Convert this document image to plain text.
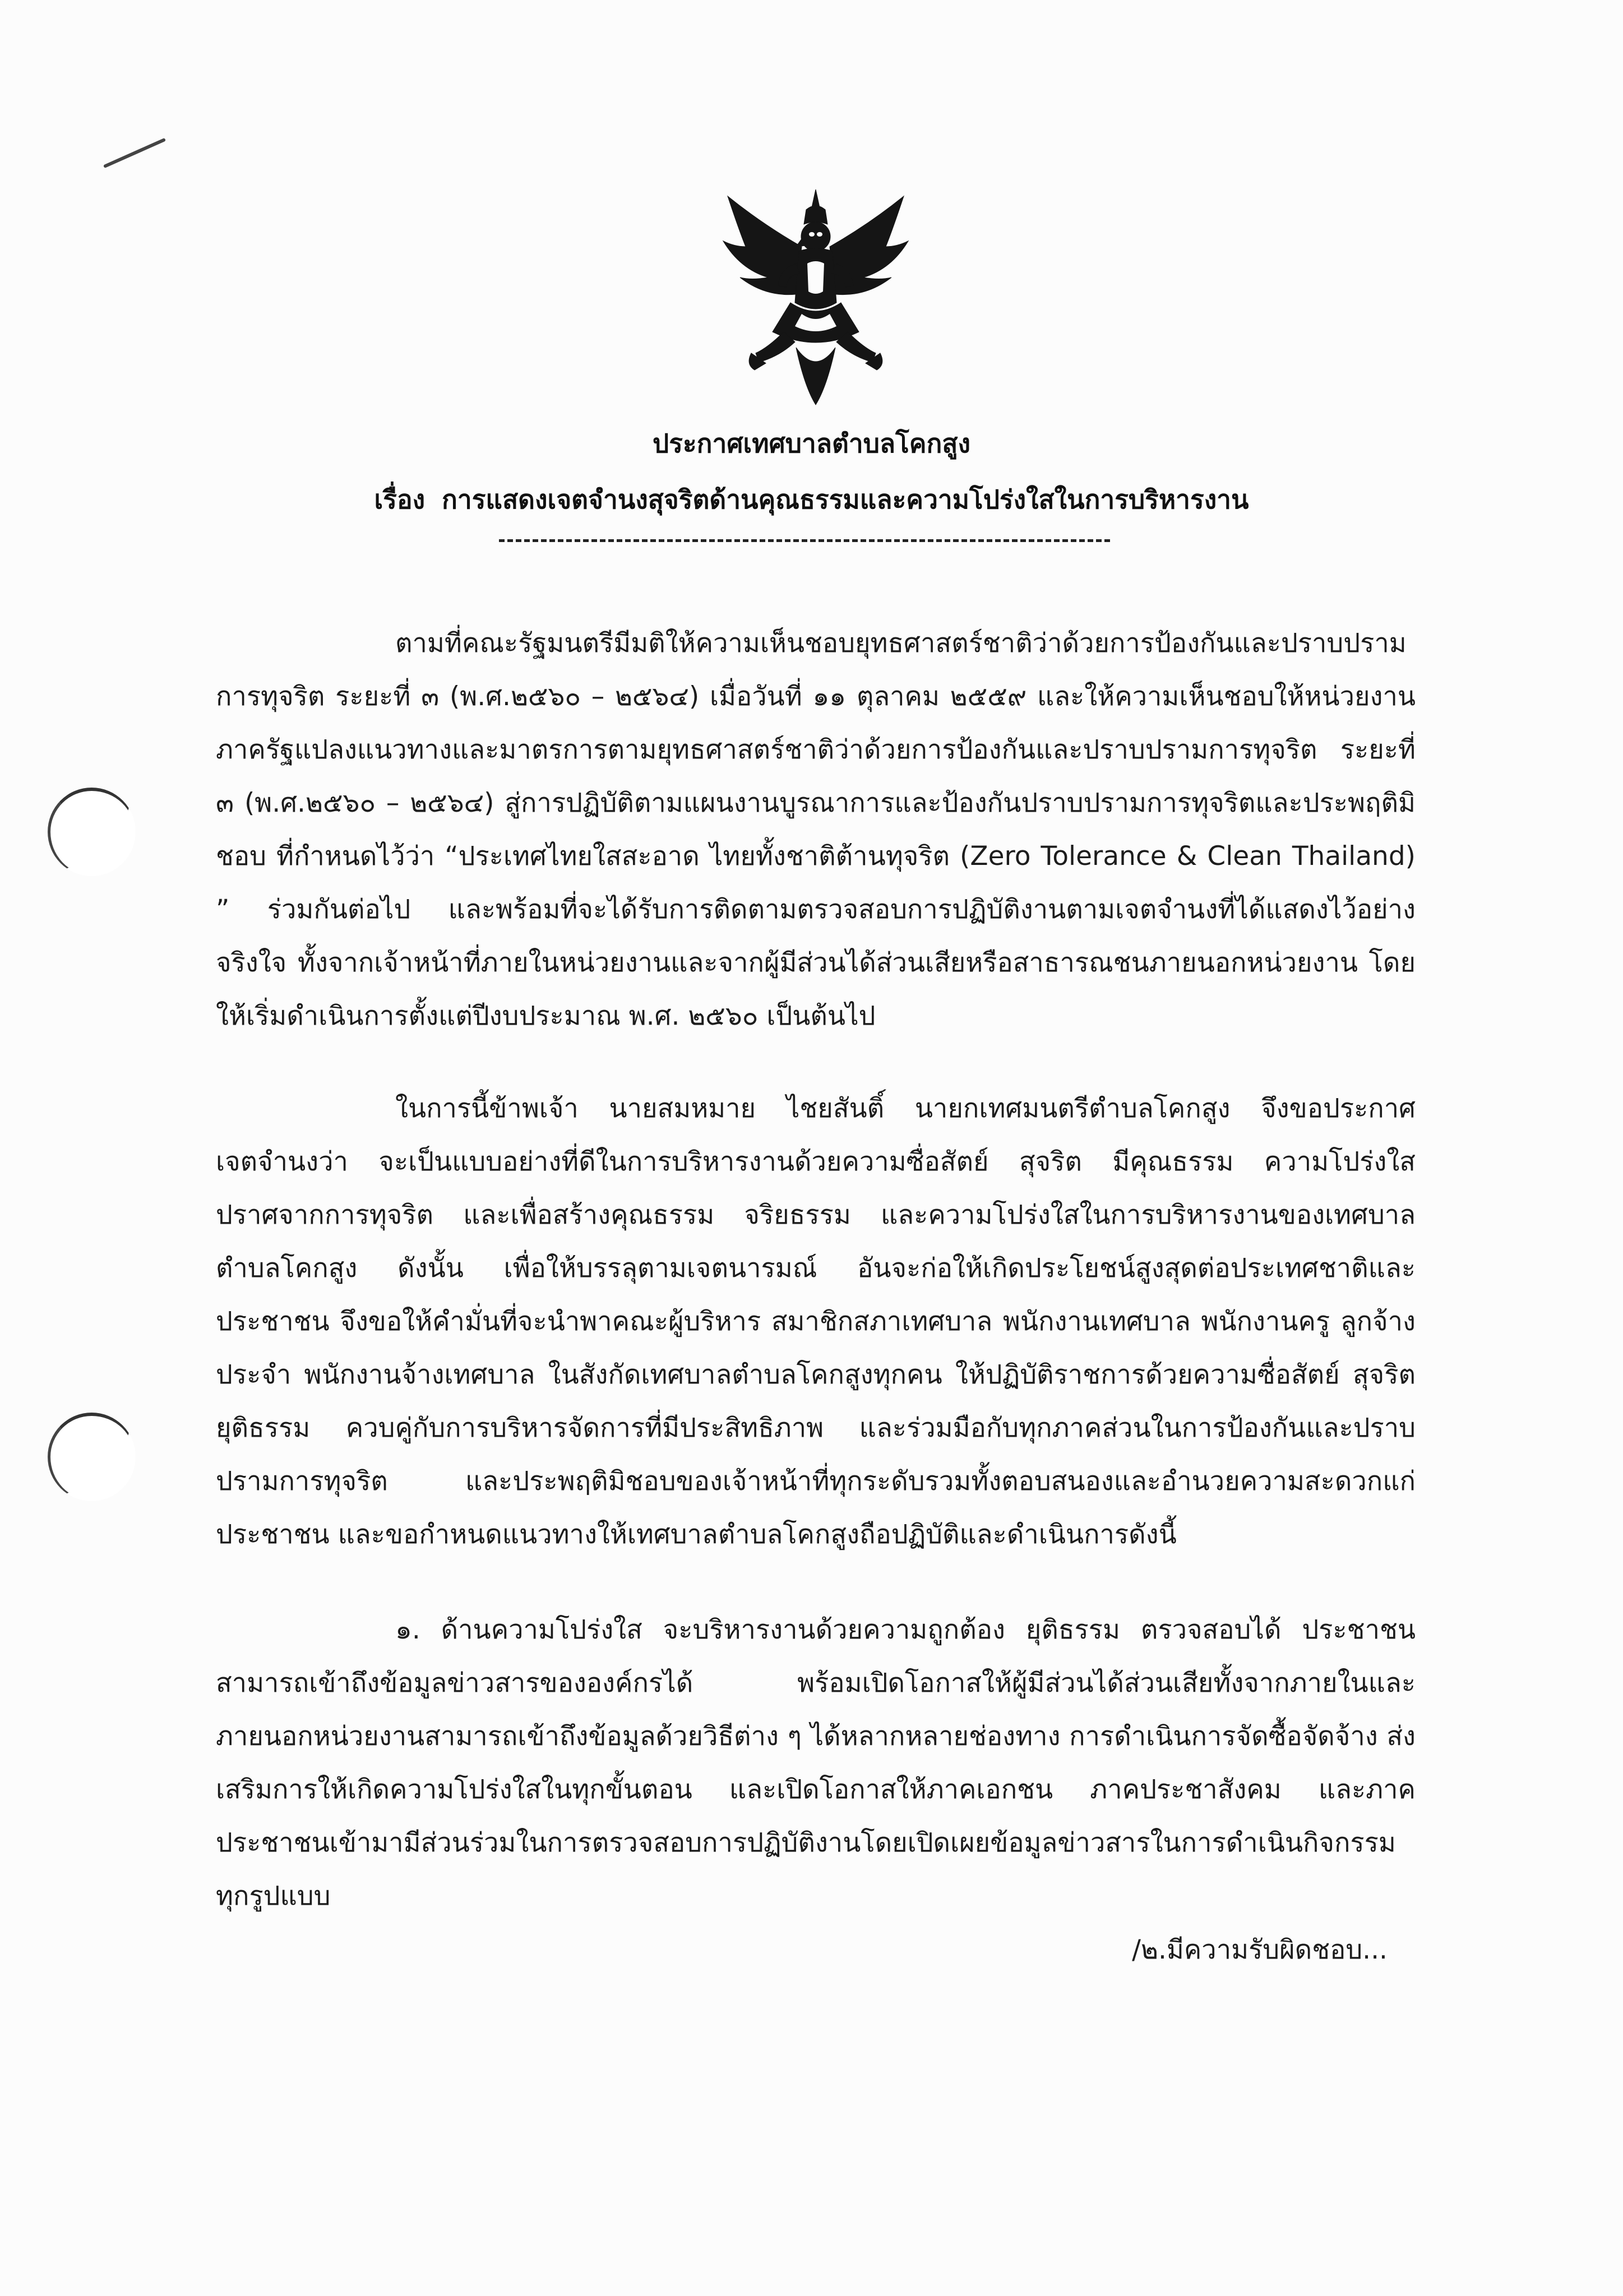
ประกาศเทศบาลตำบลโคกสูง
เรื่อง การแสดงเจตจำนงสุจริตด้านคุณธรรมและความโปร่งใสในการบริหารงาน

ตามที่คณะรัฐมนตรีมีมติให้ความเห็นชอบยุทธศาสตร์ชาติว่าด้วยการป้องกันและปราบปรามการทุจริต ระยะที่ ๓ (พ.ศ.๒๕๖๐ – ๒๕๖๔) เมื่อวันที่ ๑๑ ตุลาคม ๒๕๕๙ และให้ความเห็นชอบให้หน่วยงานภาครัฐแปลงแนวทางและมาตรการตามยุทธศาสตร์ชาติว่าด้วยการป้องกันและปราบปรามการทุจริต ระยะที่ ๓ (พ.ศ.๒๕๖๐ – ๒๕๖๔) สู่การปฏิบัติตามแผนงานบูรณาการและป้องกันปราบปรามการทุจริตและประพฤติมิชอบ ที่กำหนดไว้ว่า “ประเทศไทยใสสะอาด ไทยทั้งชาติต้านทุจริต (Zero Tolerance & Clean Thailand) ” ร่วมกันต่อไป และพร้อมที่จะได้รับการติดตามตรวจสอบการปฏิบัติงานตามเจตจำนงที่ได้แสดงไว้อย่างจริงใจ ทั้งจากเจ้าหน้าที่ภายในหน่วยงานและจากผู้มีส่วนได้ส่วนเสียหรือสาธารณชนภายนอกหน่วยงาน โดยให้เริ่มดำเนินการตั้งแต่ปีงบประมาณ พ.ศ. ๒๕๖๐ เป็นต้นไป

ในการนี้ข้าพเจ้า นายสมหมาย ไชยสันติ์ นายกเทศมนตรีตำบลโคกสูง จึงขอประกาศเจตจำนงว่า จะเป็นแบบอย่างที่ดีในการบริหารงานด้วยความซื่อสัตย์ สุจริต มีคุณธรรม ความโปร่งใส ปราศจากการทุจริต และเพื่อสร้างคุณธรรม จริยธรรม และความโปร่งใสในการบริหารงานของเทศบาลตำบลโคกสูง ดังนั้น เพื่อให้บรรลุตามเจตนารมณ์ อันจะก่อให้เกิดประโยชน์สูงสุดต่อประเทศชาติและประชาชน จึงขอให้คำมั่นที่จะนำพาคณะผู้บริหาร สมาชิกสภาเทศบาล พนักงานเทศบาล พนักงานครู ลูกจ้างประจำ พนักงานจ้างเทศบาล ในสังกัดเทศบาลตำบลโคกสูงทุกคน ให้ปฏิบัติราชการด้วยความซื่อสัตย์ สุจริต ยุติธรรม ควบคู่กับการบริหารจัดการที่มีประสิทธิภาพ และร่วมมือกับทุกภาคส่วนในการป้องกันและปราบปรามการทุจริต และประพฤติมิชอบของเจ้าหน้าที่ทุกระดับรวมทั้งตอบสนองและอำนวยความสะดวกแก่ประชาชน และขอกำหนดแนวทางให้เทศบาลตำบลโคกสูงถือปฏิบัติและดำเนินการดังนี้

๑. ด้านความโปร่งใส จะบริหารงานด้วยความถูกต้อง ยุติธรรม ตรวจสอบได้ ประชาชนสามารถเข้าถึงข้อมูลข่าวสารขององค์กรได้ พร้อมเปิดโอกาสให้ผู้มีส่วนได้ส่วนเสียทั้งจากภายในและภายนอกหน่วยงานสามารถเข้าถึงข้อมูลด้วยวิธีต่าง ๆ ได้หลากหลายช่องทาง การดำเนินการจัดซื้อจัดจ้าง ส่งเสริมการให้เกิดความโปร่งใสในทุกขั้นตอน และเปิดโอกาสให้ภาคเอกชน ภาคประชาสังคม และภาคประชาชนเข้ามามีส่วนร่วมในการตรวจสอบการปฏิบัติงานโดยเปิดเผยข้อมูลข่าวสารในการดำเนินกิจกรรมทุกรูปแบบ

/๒.มีความรับผิดชอบ...
